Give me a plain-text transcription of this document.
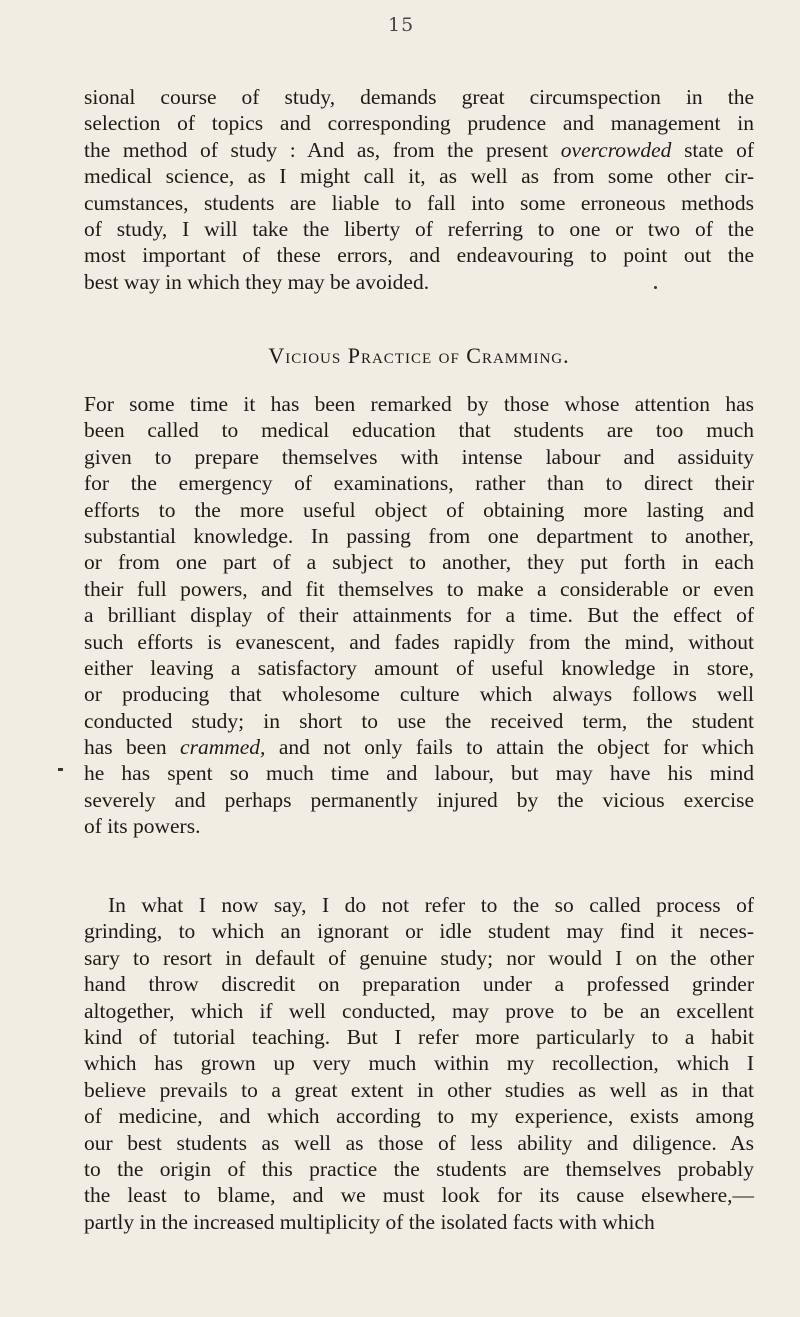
15
sional course of study, demands great circumspection in the
selection of topics and corresponding prudence and management in
the method of study : And as, from the present overcrowded state of
medical science, as I might call it, as well as from some other cir-
cumstances, students are liable to fall into some erroneous methods
of study, I will take the liberty of referring to one or two of the
most important of these errors, and endeavouring to point out the
best way in which they may be avoided.
Vicious Practice of Cramming.
For some time it has been remarked by those whose attention has
been called to medical education that students are too much
given to prepare themselves with intense labour and assiduity
for the emergency of examinations, rather than to direct their
efforts to the more useful object of obtaining more lasting and
substantial knowledge. In passing from one department to another,
or from one part of a subject to another, they put forth in each
their full powers, and fit themselves to make a considerable or even
a brilliant display of their attainments for a time. But the effect of
such efforts is evanescent, and fades rapidly from the mind, without
either leaving a satisfactory amount of useful knowledge in store,
or producing that wholesome culture which always follows well
conducted study; in short to use the received term, the student
has been crammed, and not only fails to attain the object for which
he has spent so much time and labour, but may have his mind
severely and perhaps permanently injured by the vicious exercise
of its powers.
In what I now say, I do not refer to the so called process of
grinding, to which an ignorant or idle student may find it neces-
sary to resort in default of genuine study; nor would I on the other
hand throw discredit on preparation under a professed grinder
altogether, which if well conducted, may prove to be an excellent
kind of tutorial teaching. But I refer more particularly to a habit
which has grown up very much within my recollection, which I
believe prevails to a great extent in other studies as well as in that
of medicine, and which according to my experience, exists among
our best students as well as those of less ability and diligence. As
to the origin of this practice the students are themselves probably
the least to blame, and we must look for its cause elsewhere,—
partly in the increased multiplicity of the isolated facts with which
